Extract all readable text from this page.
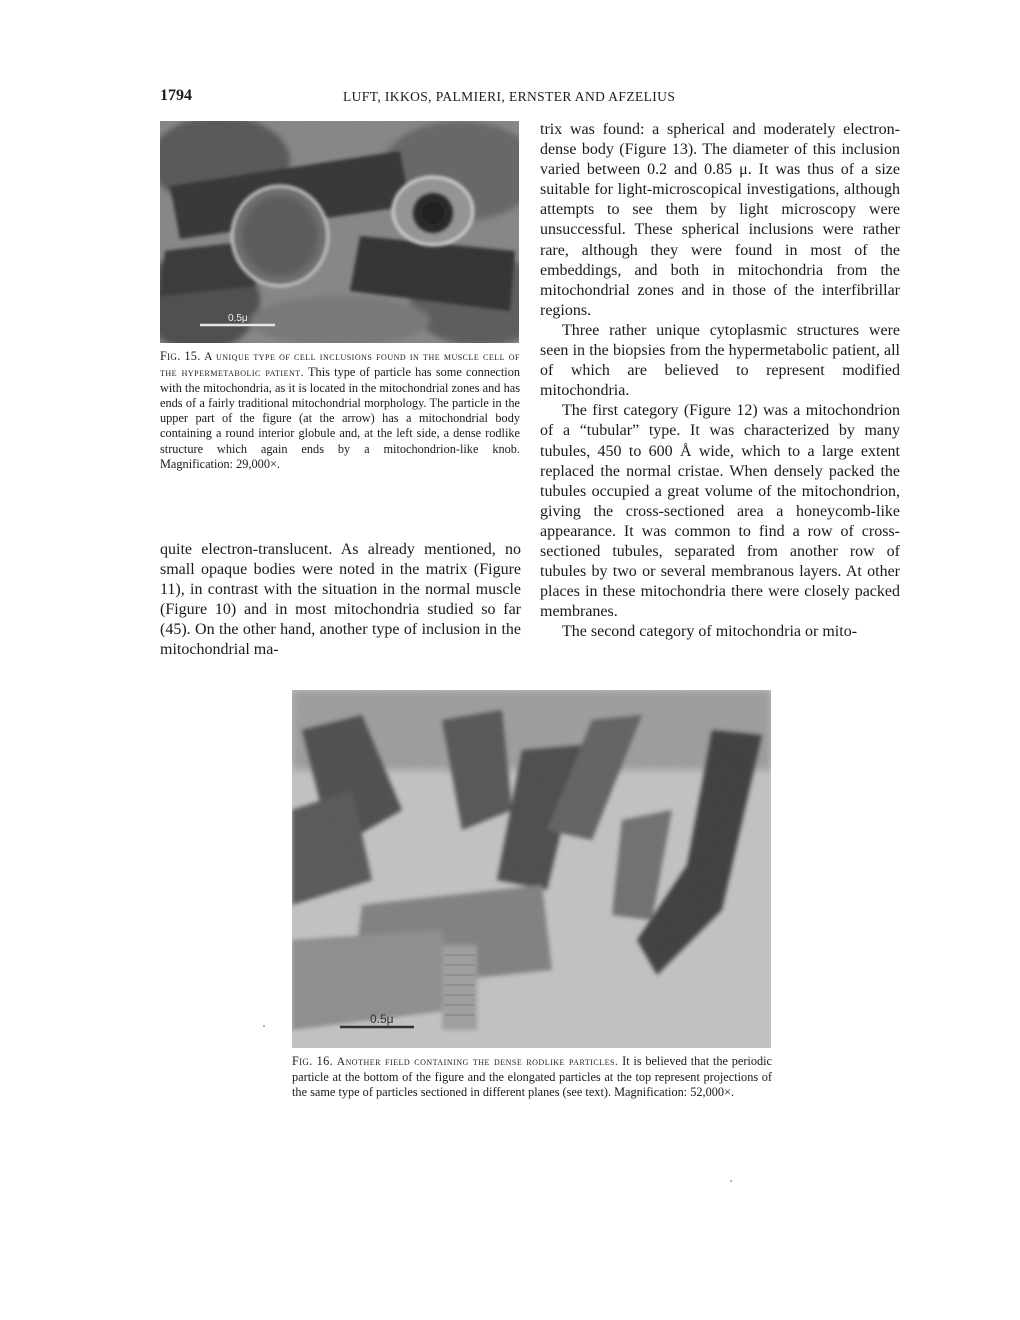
1794	LUFT, IKKOS, PALMIERI, ERNSTER AND AFZELIUS
0.5μ

Fig. 15. A unique type of cell inclusions found in the muscle cell of the hypermetabolic patient. This type of particle has some connection with the mitochondria, as it is located in the mitochondrial zones and has ends of a fairly traditional mitochondrial morphology. The particle in the upper part of the figure (at the arrow) has a mitochondrial body containing a round interior globule and, at the left side, a dense rodlike structure which again ends by a mitochondrion-like knob. Magnification: 29,000×.

quite electron-translucent. As already mentioned, no small opaque bodies were noted in the matrix (Figure 11), in contrast with the situation in the normal muscle (Figure 10) and in most mitochondria studied so far (45). On the other hand, another type of inclusion in the mitochondrial ma-

trix was found: a spherical and moderately electron-dense body (Figure 13). The diameter of this inclusion varied between 0.2 and 0.85 μ. It was thus of a size suitable for light-microscopical investigations, although attempts to see them by light microscopy were unsuccessful. These spherical inclusions were rather rare, although they were found in most of the embeddings, and both in mitochondria from the mitochondrial zones and in those of the interfibrillar regions.

Three rather unique cytoplasmic structures were seen in the biopsies from the hypermetabolic patient, all of which are believed to represent modified mitochondria.

The first category (Figure 12) was a mitochondrion of a “tubular” type. It was characterized by many tubules, 450 to 600 Å wide, which to a large extent replaced the normal cristae. When densely packed the tubules occupied a great volume of the mitochondrion, giving the cross-sectioned area a honeycomb-like appearance. It was common to find a row of cross-sectioned tubules, separated from another row of tubules by two or several membranous layers. At other places in these mitochondria there were closely packed membranes.

The second category of mitochondria or mito-

0.5μ

Fig. 16. Another field containing the dense rodlike particles. It is believed that the periodic particle at the bottom of the figure and the elongated particles at the top represent projections of the same type of particles sectioned in different planes (see text). Magnification: 52,000×.
